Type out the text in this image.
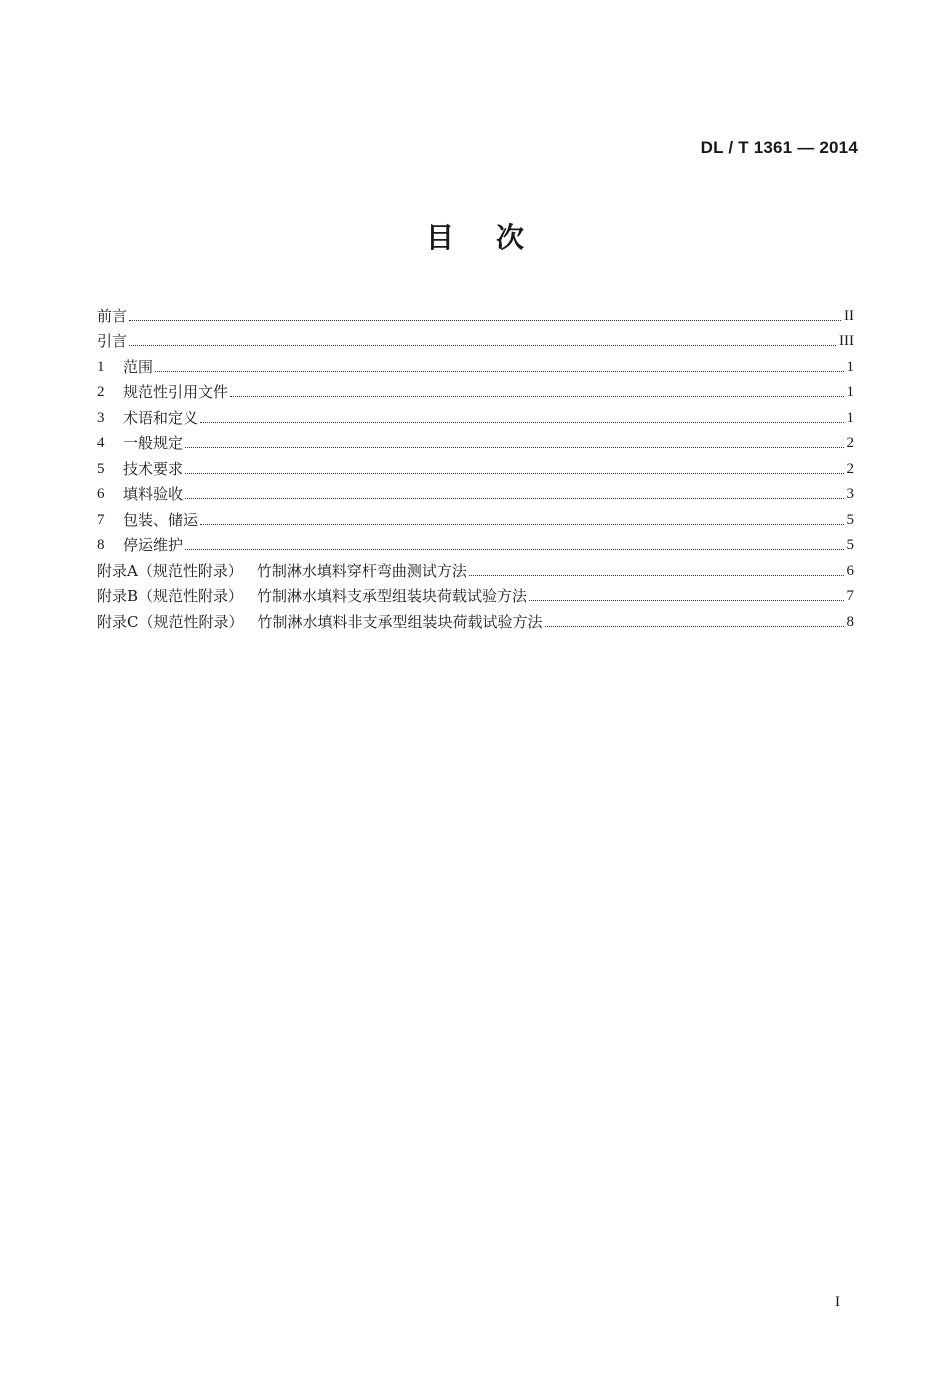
DL / T 1361 — 2014
目次
前言	II
引言	III
1	范围	1
2	规范性引用文件	1
3	术语和定义	1
4	一般规定	2
5	技术要求	2
6	填料验收	3
7	包装、储运	5
8	停运维护	5
附录A（规范性附录） 竹制淋水填料穿杆弯曲测试方法	6
附录B（规范性附录） 竹制淋水填料支承型组装块荷载试验方法	7
附录C（规范性附录） 竹制淋水填料非支承型组装块荷载试验方法	8
I
